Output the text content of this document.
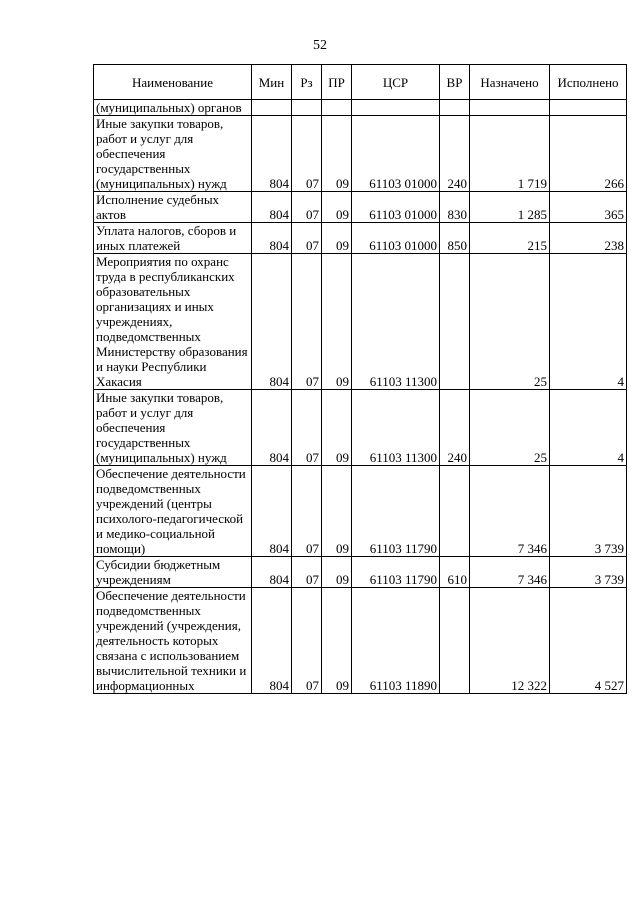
52
Наименование	Мин	Рз	ПР	ЦСР	ВР	Назначено	Исполнено
(муниципальных) органов							
Иные закупки товаров, работ и услуг для обеспечения государственных (муниципальных) нужд	804	07	09	61103 01000	240	1 719	266
Исполнение судебных актов	804	07	09	61103 01000	830	1 285	365
Уплата налогов, сборов и иных платежей	804	07	09	61103 01000	850	215	238
Мероприятия по охранс труда в республиканских образовательных организациях и иных учреждениях, подведомственных Министерству образования и науки Республики Хакасия	804	07	09	61103 11300		25	4
Иные закупки товаров, работ и услуг для обеспечения государственных (муниципальных) нужд	804	07	09	61103 11300	240	25	4
Обеспечение деятельности подведомственных учреждений (центры психолого-педагогической и медико-социальной помощи)	804	07	09	61103 11790		7 346	3 739
Субсидии бюджетным учреждениям	804	07	09	61103 11790	610	7 346	3 739
Обеспечение деятельности подведомственных учреждений (учреждения, деятельность которых связана с использованием вычислительной техники и информационных	804	07	09	61103 11890		12 322	4 527
